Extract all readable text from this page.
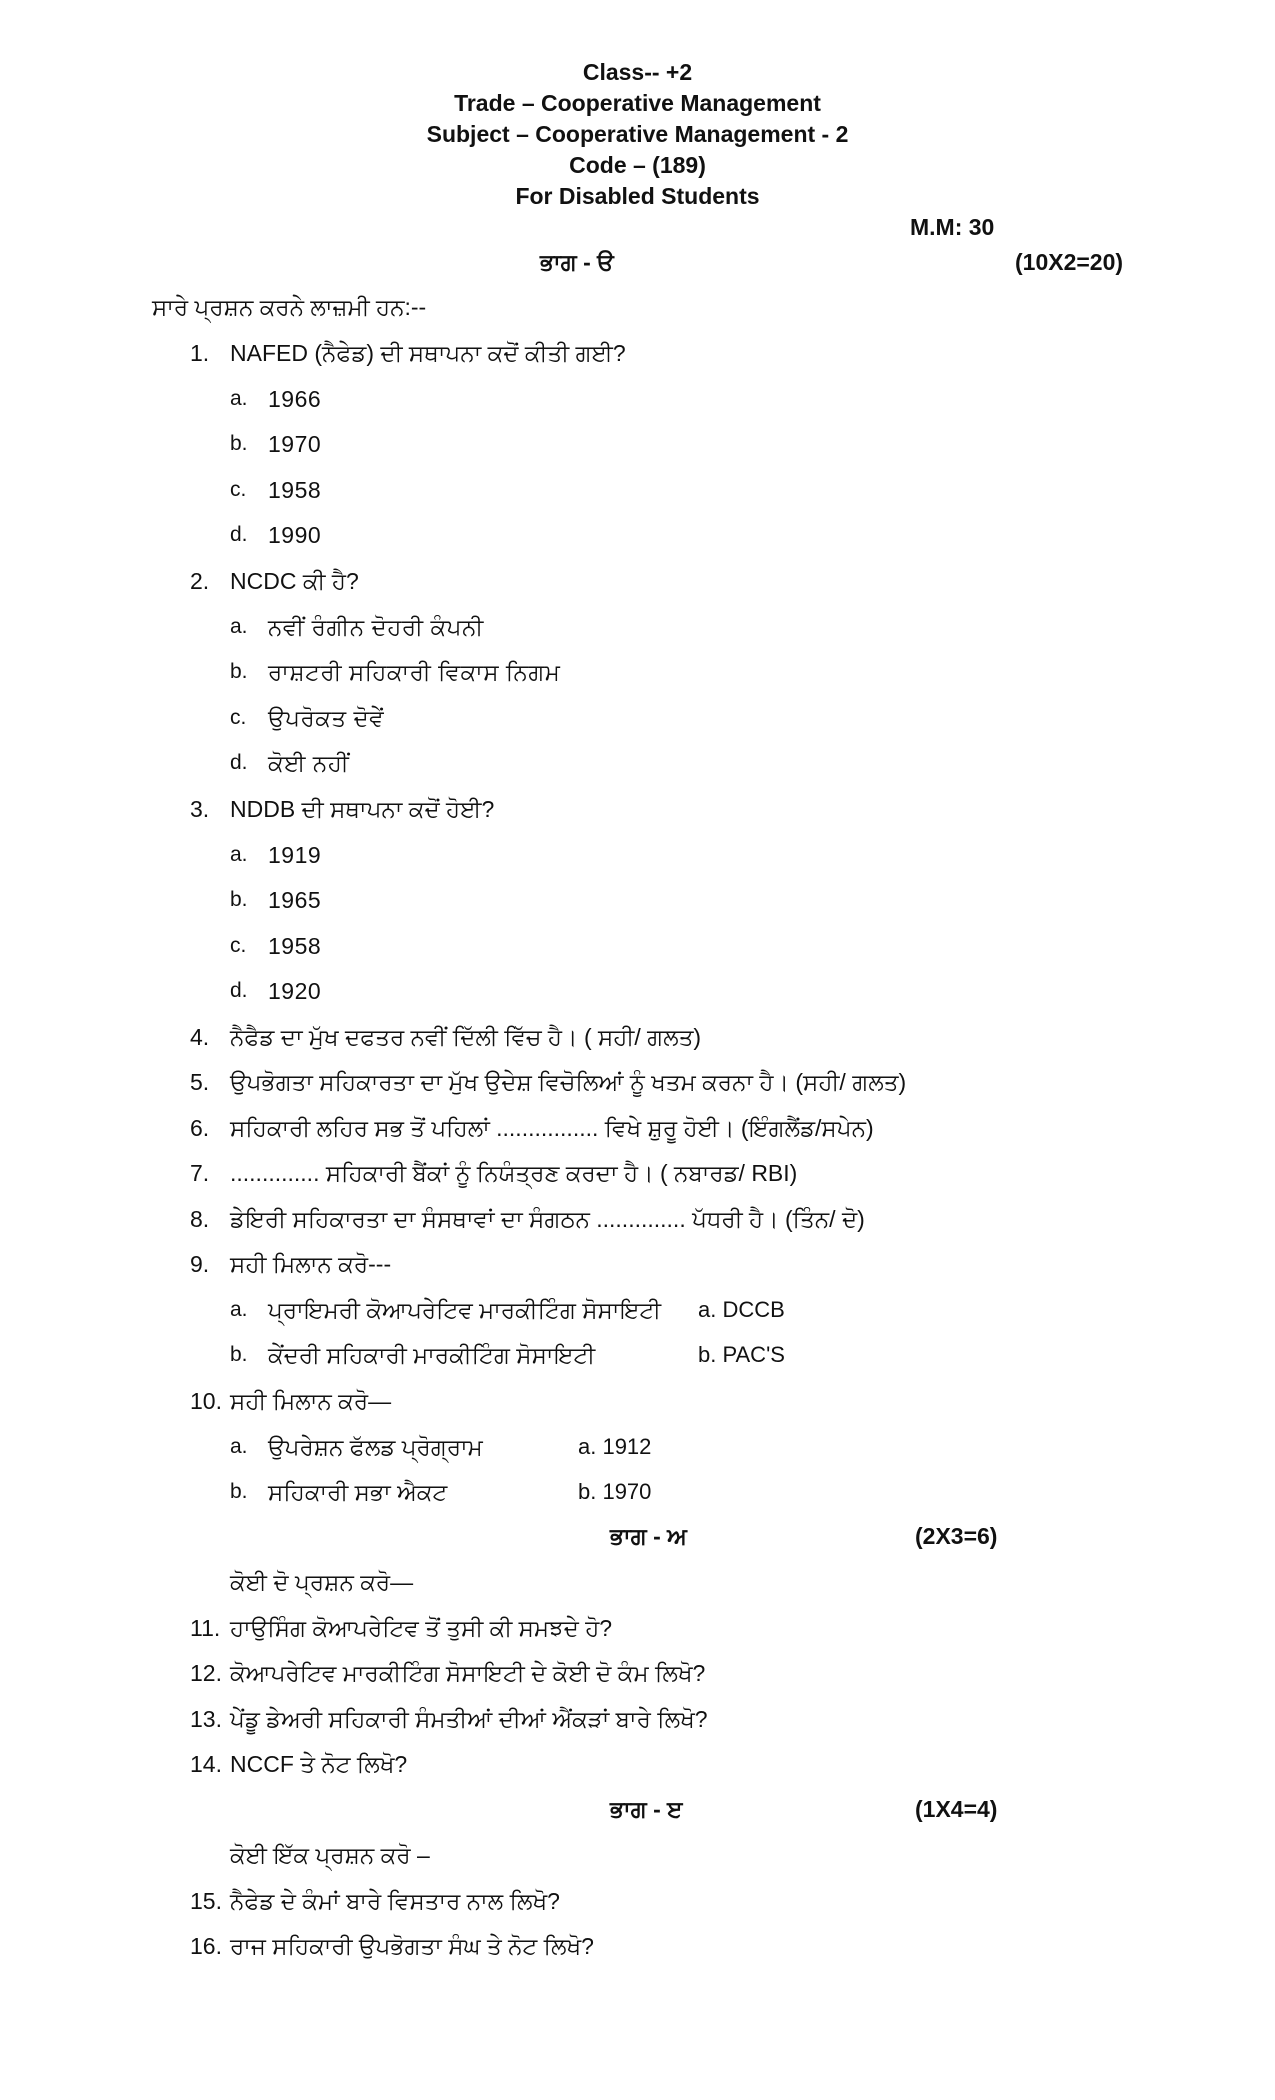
Class-- +2
Trade – Cooperative Management
Subject – Cooperative Management - 2
Code – (189)
For Disabled Students
M.M: 30
ਭਾਗ - ੳ	(10X2=20)
ਸਾਰੇ ਪ੍ਰਸ਼ਨ ਕਰਨੇ ਲਾਜ਼ਮੀ ਹਨ:--
1. NAFED (ਨੈਫੇਡ) ਦੀ ਸਥਾਪਨਾ ਕਦੋਂ ਕੀਤੀ ਗਈ?
a. 1966
b. 1970
c. 1958
d. 1990
2. NCDC ਕੀ ਹੈ?
a. ਨਵੀਂ ਰੰਗੀਨ ਦੋਹਰੀ ਕੰਪਨੀ
b. ਰਾਸ਼ਟਰੀ ਸਹਿਕਾਰੀ ਵਿਕਾਸ ਨਿਗਮ
c. ਉਪਰੋਕਤ ਦੋਵੇਂ
d. ਕੋਈ ਨਹੀਂ
3. NDDB ਦੀ ਸਥਾਪਨਾ ਕਦੋਂ ਹੋਈ?
a. 1919
b. 1965
c. 1958
d. 1920
4. ਨੈਫੈਡ ਦਾ ਮੁੱਖ ਦਫਤਰ ਨਵੀਂ ਦਿੱਲੀ ਵਿੱਚ ਹੈ। ( ਸਹੀ/ ਗਲਤ)
5. ਉਪਭੋਗਤਾ ਸਹਿਕਾਰਤਾ ਦਾ ਮੁੱਖ ਉਦੇਸ਼ ਵਿਚੋਲਿਆਂ ਨੂੰ ਖਤਮ ਕਰਨਾ ਹੈ। (ਸਹੀ/ ਗਲਤ)
6. ਸਹਿਕਾਰੀ ਲਹਿਰ ਸਭ ਤੋਂ ਪਹਿਲਾਂ ................ ਵਿਖੇ ਸ਼ੁਰੂ ਹੋਈ। (ਇੰਗਲੈਂਡ/ਸਪੇਨ)
7. .............. ਸਹਿਕਾਰੀ ਬੈਂਕਾਂ ਨੂੰ ਨਿਯੰਤ੍ਰਣ ਕਰਦਾ ਹੈ। ( ਨਬਾਰਡ/ RBI)
8. ਡੇਇਰੀ ਸਹਿਕਾਰਤਾ ਦਾ ਸੰਸਥਾਵਾਂ ਦਾ ਸੰਗਠਨ .............. ਪੱਧਰੀ ਹੈ। (ਤਿੰਨ/ ਦੋ)
9. ਸਹੀ ਮਿਲਾਨ ਕਰੋ---
a. ਪ੍ਰਾਇਮਰੀ ਕੋਆਪਰੇਟਿਵ ਮਾਰਕੀਟਿੰਗ ਸੋਸਾਇਟੀ a. DCCB
b. ਕੇਂਦਰੀ ਸਹਿਕਾਰੀ ਮਾਰਕੀਟਿੰਗ ਸੋਸਾਇਟੀ	b. PAC'S
10. ਸਹੀ ਮਿਲਾਨ ਕਰੋ—
a. ਉਪਰੇਸ਼ਨ ਫੱਲਡ ਪ੍ਰੋਗ੍ਰਾਮ	a. 1912
b. ਸਹਿਕਾਰੀ ਸਭਾ ਐਕਟ	b. 1970
ਭਾਗ - ਅ	(2X3=6)
ਕੋਈ ਦੋ ਪ੍ਰਸ਼ਨ ਕਰੋ—
11. ਹਾਉਸਿੰਗ ਕੋਆਪਰੇਟਿਵ ਤੋਂ ਤੁਸੀ ਕੀ ਸਮਝਦੇ ਹੋ?
12. ਕੋਆਪਰੇਟਿਵ ਮਾਰਕੀਟਿੰਗ ਸੋਸਾਇਟੀ ਦੇ ਕੋਈ ਦੋ ਕੰਮ ਲਿਖੋ?
13. ਪੇਂਡੂ ਡੇਅਰੀ ਸਹਿਕਾਰੀ ਸੰਮਤੀਆਂ ਦੀਆਂ ਐਂਕੜਾਂ ਬਾਰੇ ਲਿਖੋ?
14. NCCF ਤੇ ਨੋਟ ਲਿਖੋ?
ਭਾਗ - ੲ	(1X4=4)
ਕੋਈ ਇੱਕ ਪ੍ਰਸ਼ਨ ਕਰੋ –
15. ਨੈਫੇਡ ਦੇ ਕੰਮਾਂ ਬਾਰੇ ਵਿਸਤਾਰ ਨਾਲ ਲਿਖੋ?
16. ਰਾਜ ਸਹਿਕਾਰੀ ਉਪਭੋਗਤਾ ਸੰਘ ਤੇ ਨੋਟ ਲਿਖੋ?
